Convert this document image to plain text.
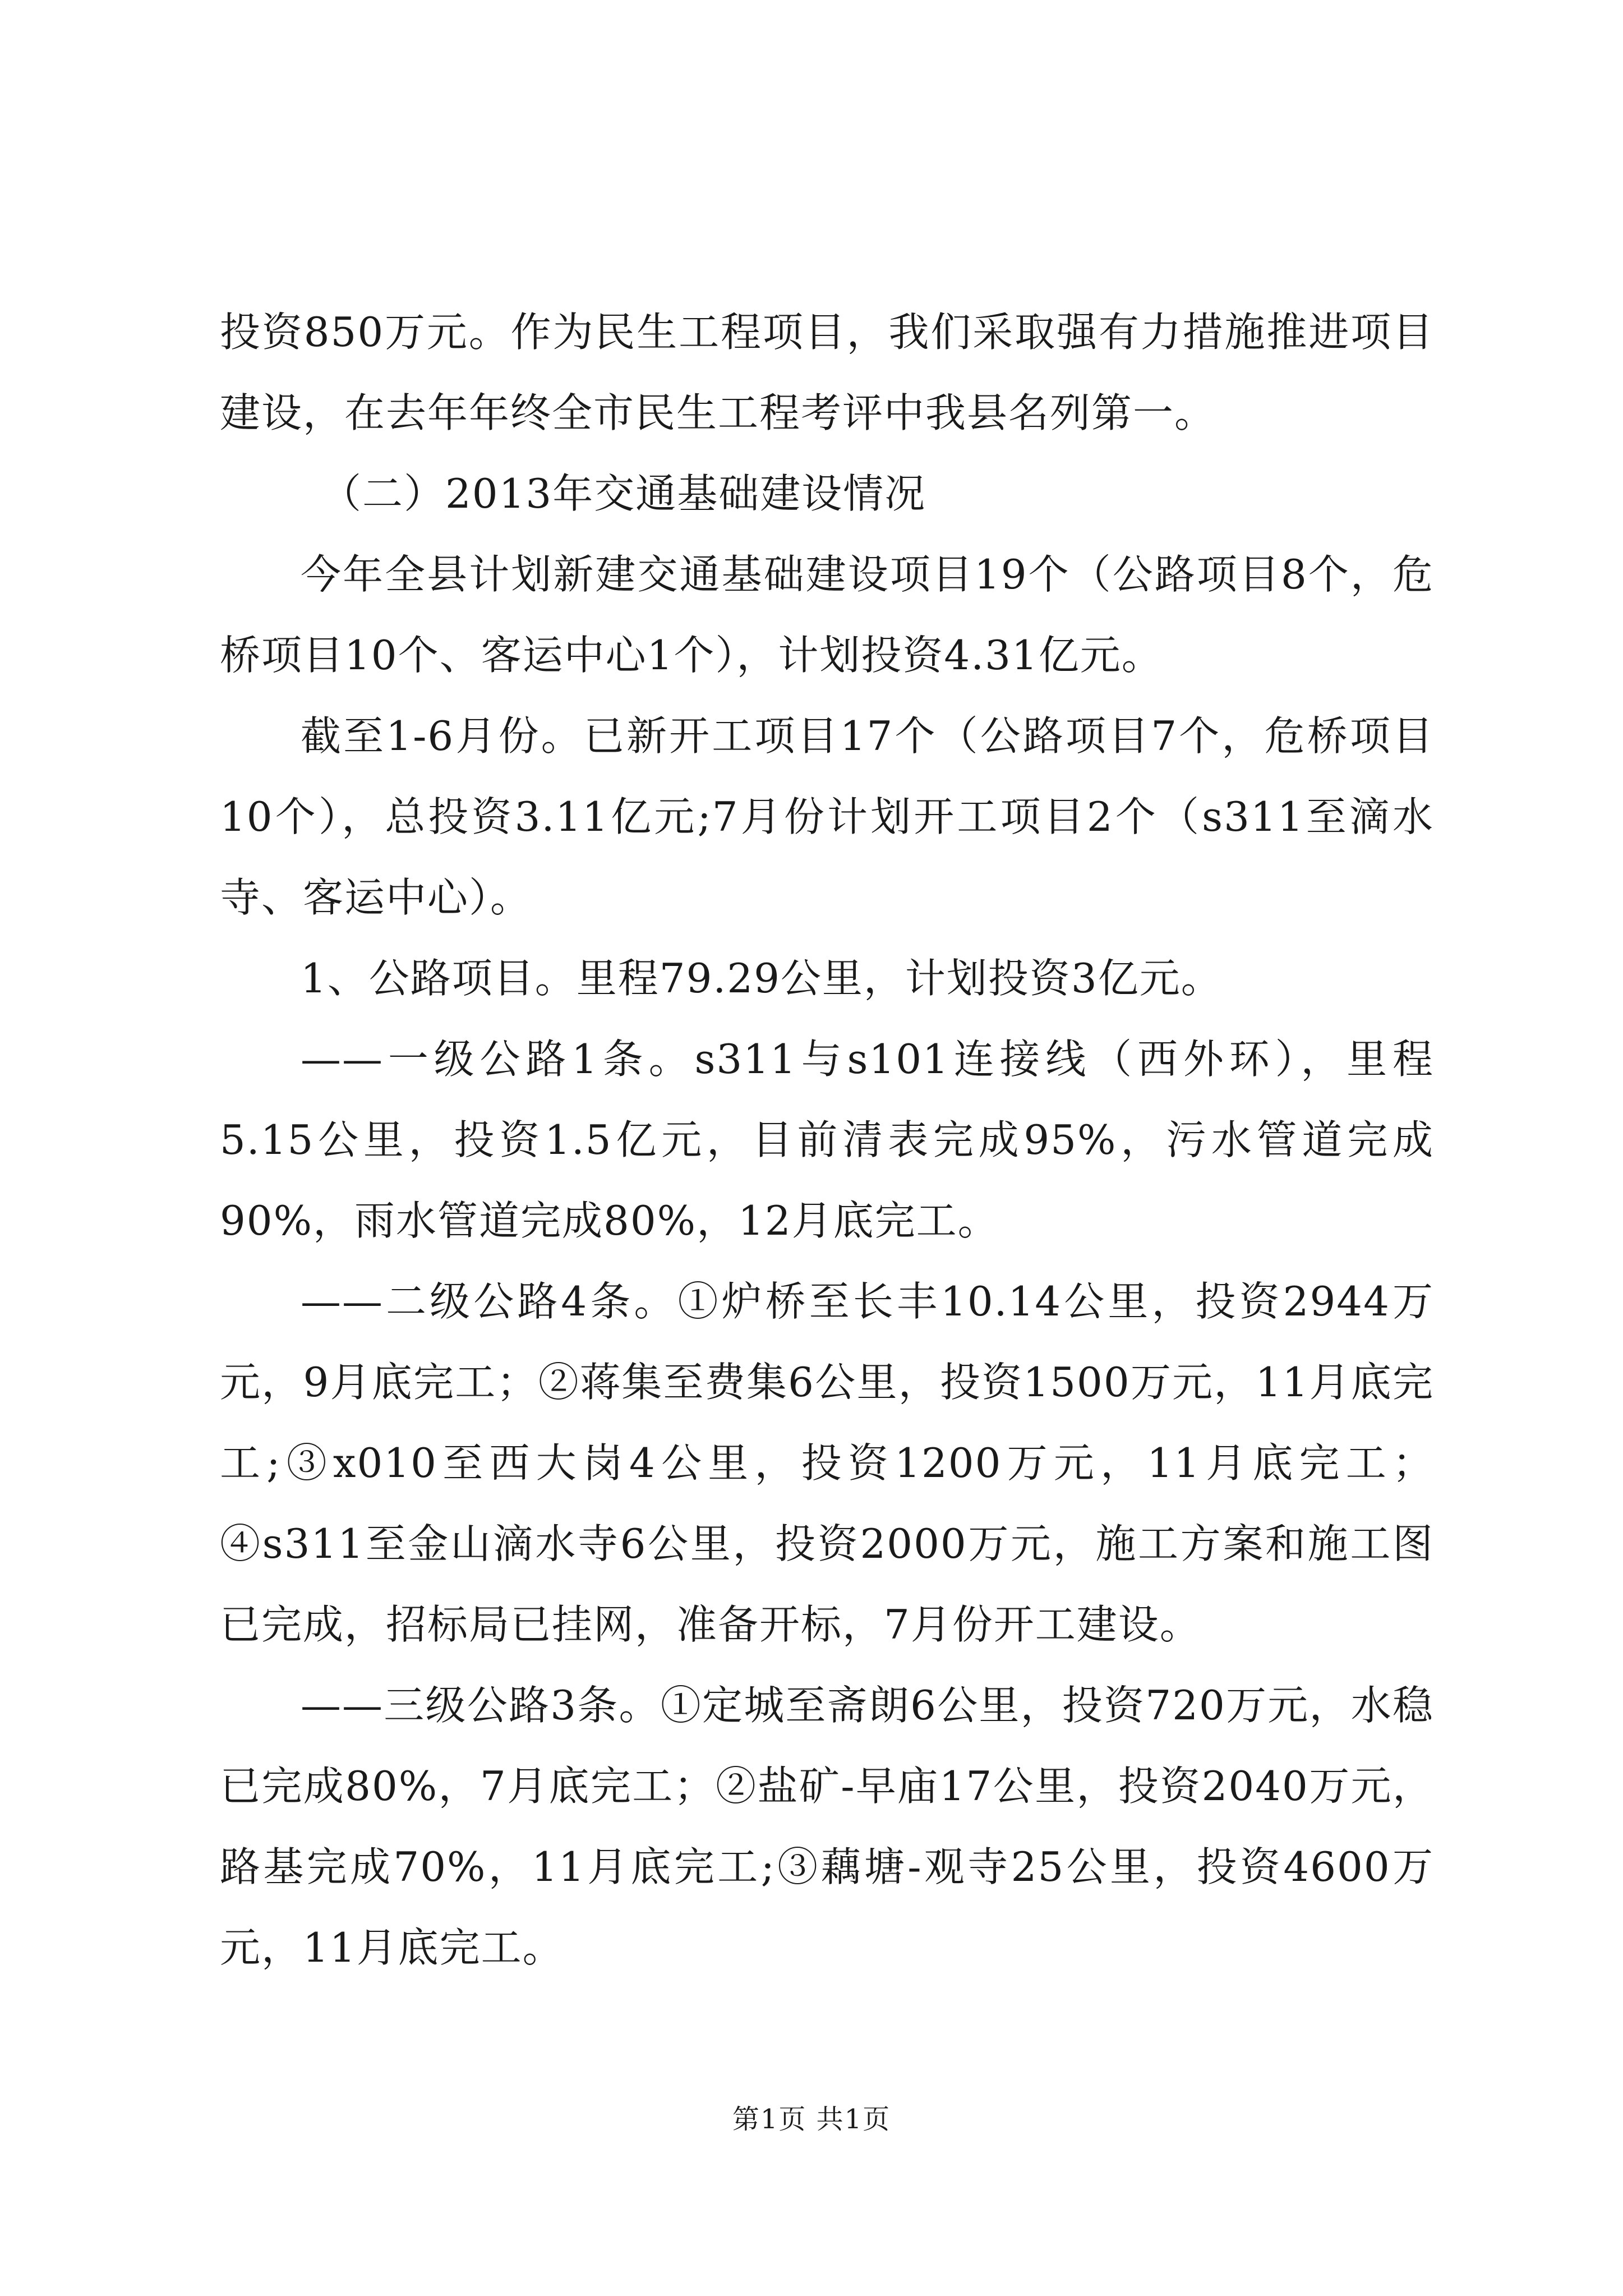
投资850万元。作为民生工程项目，我们采取强有力措施推进项目建设，在去年年终全市民生工程考评中我县名列第一。

（二）2013年交通基础建设情况

今年全县计划新建交通基础建设项目19个（公路项目8个，危桥项目10个、客运中心1个），计划投资4.31亿元。

截至1-6月份。已新开工项目17个（公路项目7个，危桥项目10个），总投资3.11亿元;7月份计划开工项目2个（s311至滴水寺、客运中心）。

1、公路项目。里程79.29公里，计划投资3亿元。

——一级公路1条。s311与s101连接线（西外环），里程5.15公里，投资1.5亿元，目前清表完成95%，污水管道完成90%，雨水管道完成80%，12月底完工。

——二级公路4条。①炉桥至长丰10.14公里，投资2944万元，9月底完工；②蒋集至费集6公里，投资1500万元，11月底完工;③x010至西大岗4公里，投资1200万元，11月底完工；④s311至金山滴水寺6公里，投资2000万元，施工方案和施工图已完成，招标局已挂网，准备开标，7月份开工建设。

——三级公路3条。①定城至斋朗6公里，投资720万元，水稳已完成80%，7月底完工；②盐矿-早庙17公里，投资2040万元，路基完成70%，11月底完工;③藕塘-观寺25公里，投资4600万元，11月底完工。

第1页 共1页
